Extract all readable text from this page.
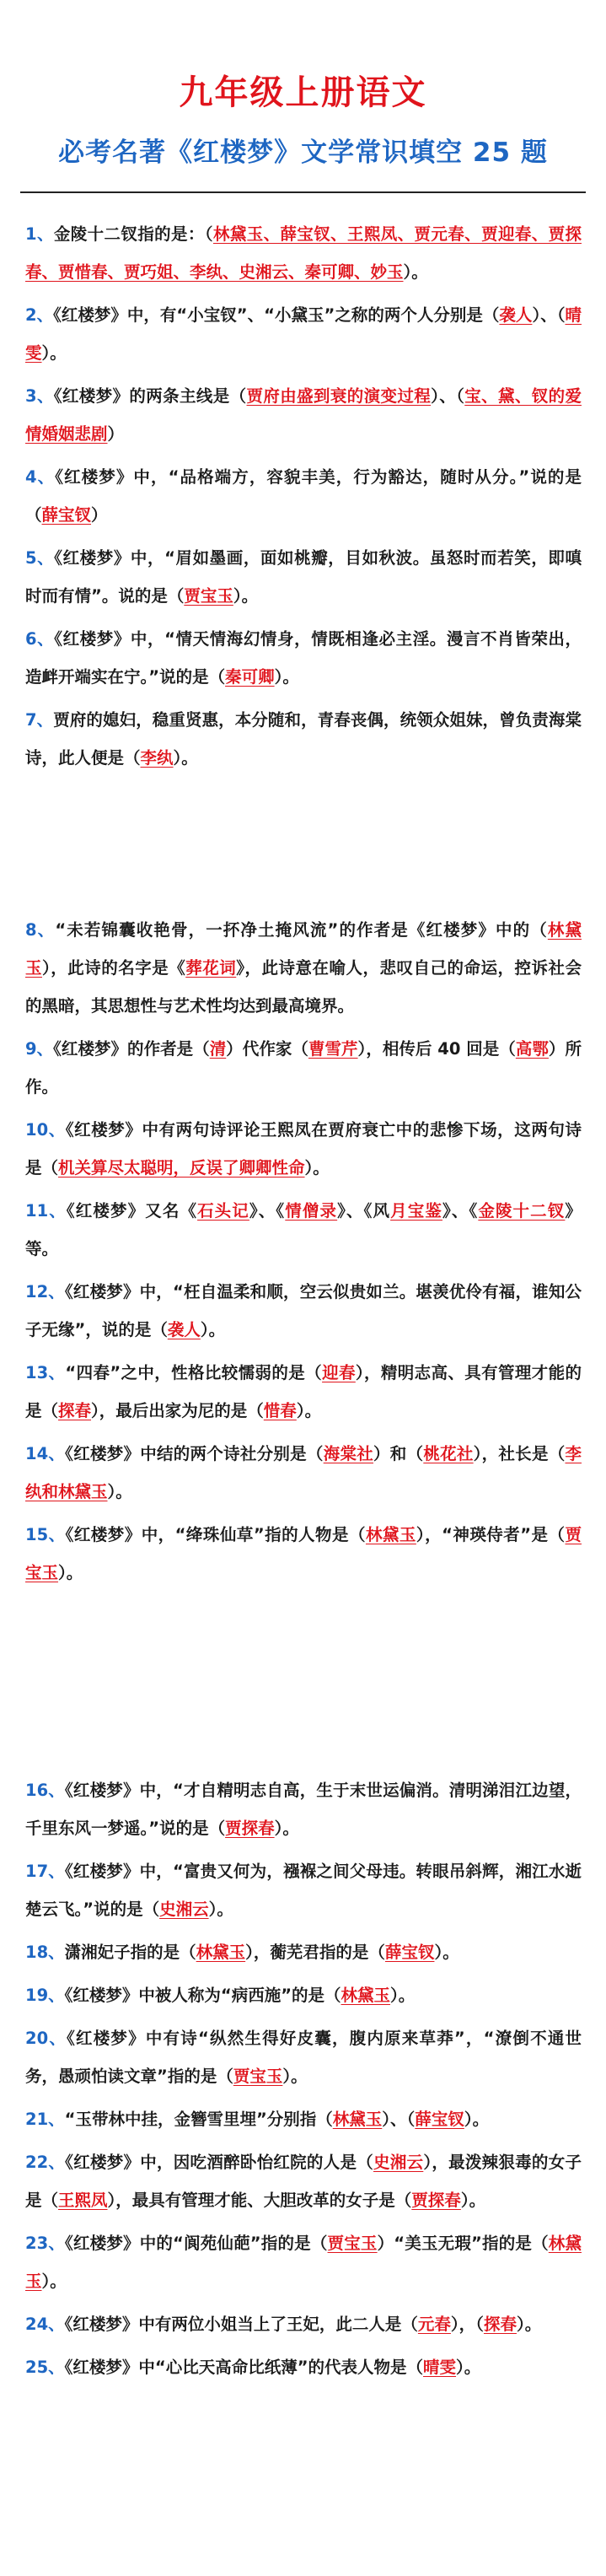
九年级上册语文
必考名著《红楼梦》文学常识填空 25 题

1、金陵十二钗指的是：（林黛玉、薛宝钗、王熙凤、贾元春、贾迎春、贾探春、贾惜春、贾巧姐、李纨、史湘云、秦可卿、妙玉）。

2、《红楼梦》中，有“小宝钗”、“小黛玉”之称的两个人分别是（袭人）、（晴雯）。

3、《红楼梦》的两条主线是（贾府由盛到衰的演变过程）、（宝、黛、钗的爱情婚姻悲剧）

4、《红楼梦》中，“品格端方，容貌丰美，行为豁达，随时从分。”说的是（薛宝钗）

5、《红楼梦》中，“眉如墨画，面如桃瓣，目如秋波。虽怒时而若笑，即嗔时而有情”。说的是（贾宝玉）。

6、《红楼梦》中，“情天情海幻情身，情既相逢必主淫。漫言不肖皆荣出，造衅开端实在宁。”说的是（秦可卿）。

7、贾府的媳妇，稳重贤惠，本分随和，青春丧偶，统领众姐妹，曾负责海棠诗，此人便是（李纨）。

8、“未若锦囊收艳骨，一抔净土掩风流”的作者是《红楼梦》中的（林黛玉），此诗的名字是《葬花词》，此诗意在喻人，悲叹自己的命运，控诉社会的黑暗，其思想性与艺术性均达到最高境界。

9、《红楼梦》的作者是（清）代作家（曹雪芹），相传后 40 回是（高鄂）所作。

10、《红楼梦》中有两句诗评论王熙凤在贾府衰亡中的悲惨下场，这两句诗是（机关算尽太聪明，反误了卿卿性命）。

11、《红楼梦》又名《石头记》、《情僧录》、《风月宝鉴》、《金陵十二钗》等。

12、《红楼梦》中，“枉自温柔和顺，空云似贵如兰。堪羡优伶有福，谁知公子无缘”，说的是（袭人）。

13、“四春”之中，性格比较懦弱的是（迎春），精明志高、具有管理才能的是（探春），最后出家为尼的是（惜春）。

14、《红楼梦》中结的两个诗社分别是（海棠社）和（桃花社），社长是（李纨和林黛玉）。

15、《红楼梦》中，“绛珠仙草”指的人物是（林黛玉），“神瑛侍者”是（贾宝玉）。

16、《红楼梦》中，“才自精明志自高，生于末世运偏消。清明涕泪江边望，千里东风一梦遥。”说的是（贾探春）。

17、《红楼梦》中，“富贵又何为，襁褓之间父母违。转眼吊斜辉，湘江水逝楚云飞。”说的是（史湘云）。

18、潇湘妃子指的是（林黛玉），蘅芜君指的是（薛宝钗）。

19、《红楼梦》中被人称为“病西施”的是（林黛玉）。

20、《红楼梦》中有诗“纵然生得好皮囊，腹内原来草莽”，“潦倒不通世务，愚顽怕读文章”指的是（贾宝玉）。

21、“玉带林中挂，金簪雪里埋”分别指（林黛玉）、（薛宝钗）。

22、《红楼梦》中，因吃酒醉卧怡红院的人是（史湘云），最泼辣狠毒的女子是（王熙凤），最具有管理才能、大胆改革的女子是（贾探春）。

23、《红楼梦》中的“阆苑仙葩”指的是（贾宝玉）“美玉无瑕”指的是（林黛玉）。

24、《红楼梦》中有两位小姐当上了王妃，此二人是（元春），（探春）。

25、《红楼梦》中“心比天高命比纸薄”的代表人物是（晴雯）。
